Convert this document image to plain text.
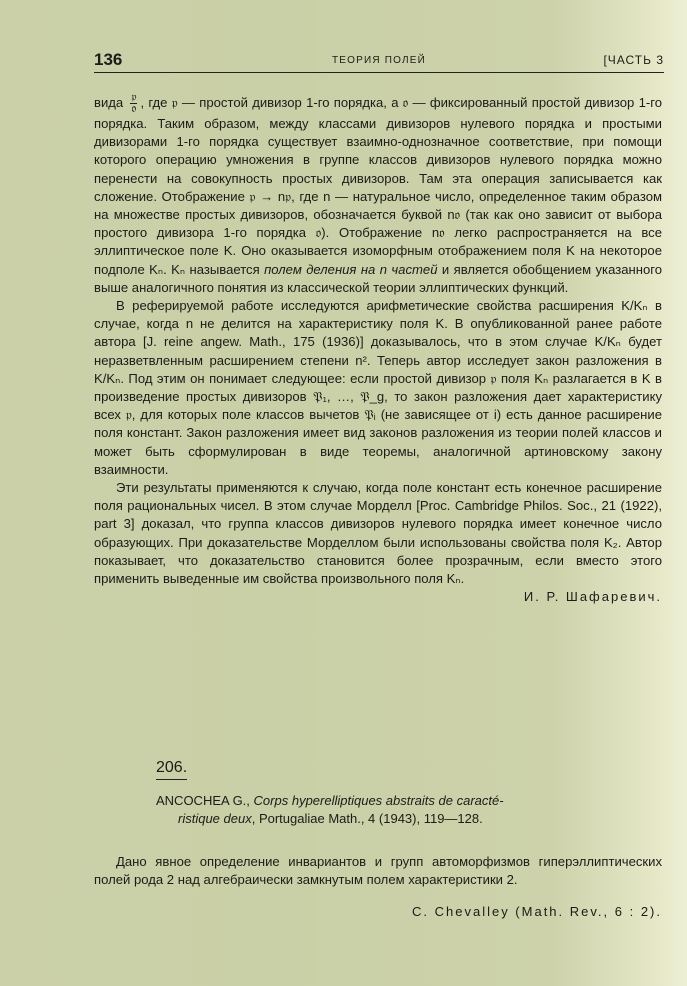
136	ТЕОРИЯ ПОЛЕЙ	[ЧАСТЬ 3

вида $\frac{\text{𝔭}}{\text{𝔬}}$ , где 𝔭 — простой дивизор 1-го порядка, а 𝔬 — фиксированный простой дивизор 1-го порядка. Таким образом, между классами дивизоров нулевого порядка и простыми дивизорами 1-го порядка существует взаимно-однозначное соответствие, при помощи которого операцию умножения в группе классов дивизоров нулевого порядка можно перенести на совокупность простых дивизоров. Там эта операция записывается как сложение. Отображение 𝔭 → n𝔭, где n — натуральное число, определенное таким образом на множестве простых дивизоров, обозначается буквой n𝔬 (так как оно зависит от выбора простого дивизора 1-го порядка 𝔬). Отображение n𝔬 легко распространяется на все эллиптическое поле K. Оно оказывается изоморфным отображением поля K на некоторое подполе Kₙ. Kₙ называется полем деления на n частей и является обобщением указанного выше аналогичного понятия из классической теории эллиптических функций.

В реферируемой работе исследуются арифметические свойства расширения K/Kₙ в случае, когда n не делится на характеристику поля K. В опубликованной ранее работе автора [J. reine angew. Math., 175 (1936)] доказывалось, что в этом случае K/Kₙ будет неразветвленным расширением степени n². Теперь автор исследует закон разложения в K/Kₙ. Под этим он понимает следующее: если простой дивизор 𝔭 поля Kₙ разлагается в K в произведение простых дивизоров 𝔓₁, …, 𝔓_g, то закон разложения дает характеристику всех 𝔭, для которых поле классов вычетов 𝔓ᵢ (не зависящее от i) есть данное расширение поля констант. Закон разложения имеет вид законов разложения из теории полей классов и может быть сформулирован в виде теоремы, аналогичной артиновскому закону взаимности.

Эти результаты применяются к случаю, когда поле констант есть конечное расширение поля рациональных чисел. В этом случае Морделл [Proc. Cambridge Philos. Soc., 21 (1922), part 3] доказал, что группа классов дивизоров нулевого порядка имеет конечное число образующих. При доказательстве Морделлом были использованы свойства поля K₂. Автор показывает, что доказательство становится более прозрачным, если вместо этого применить выведенные им свойства произвольного поля Kₙ.

И. Р. Шафаревич.

206.
ANCOCHEA G., Corps hyperelliptiques abstraits de caracté-
ristique deux, Portugaliae Math., 4 (1943), 119—128.

Дано явное определение инвариантов и групп автоморфизмов гиперэллиптических полей рода 2 над алгебраически замкнутым полем характеристики 2.

C. Chevalley (Math. Rev., 6 : 2).
